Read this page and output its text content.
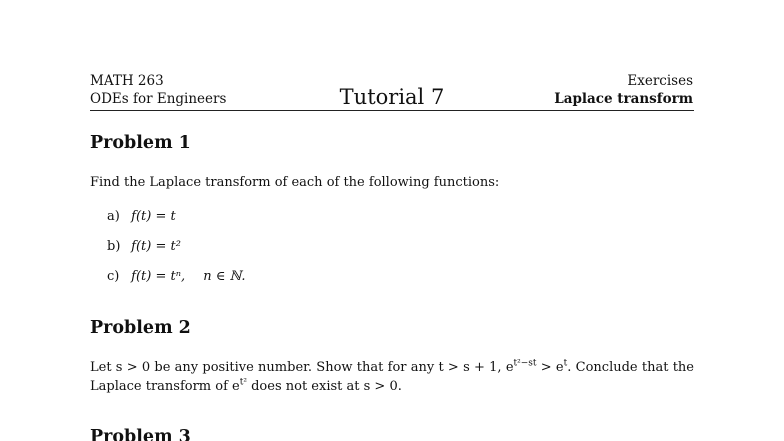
MATH 263
ODEs for Engineers	Tutorial 7
Exercises
Laplace transform
Problem 1
Find the Laplace transform of each of the following functions:
a) f(t) = t
b) f(t) = t²
c) f(t) = tⁿ, n ∈ ℕ.
Problem 2
Let s > 0 be any positive number. Show that for any t > s + 1, $e^{t^2-st} > e^t$. Conclude that the Laplace transform of $e^{t^2}$ does not exist at s > 0.
Problem 3
